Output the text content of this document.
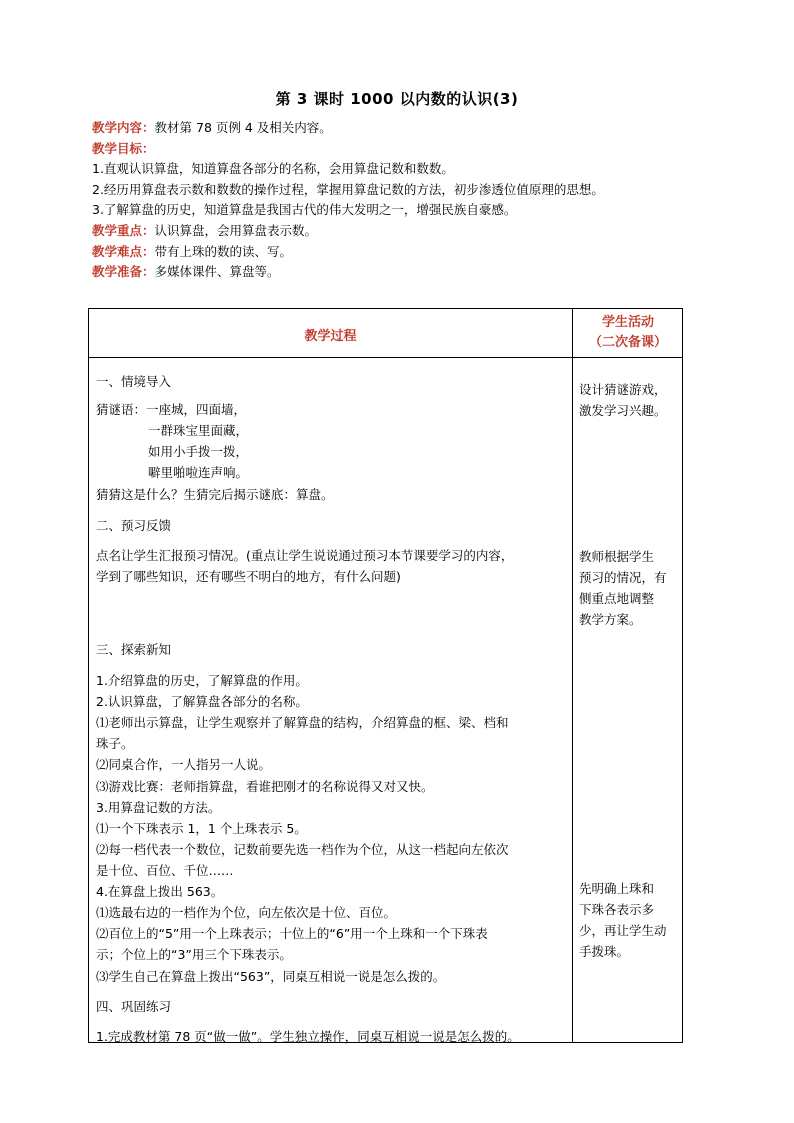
第 3 课时 1000 以内数的认识(3)
教学内容：教材第 78 页例 4 及相关内容。
教学目标：
1.直观认识算盘，知道算盘各部分的名称，会用算盘记数和数数。
2.经历用算盘表示数和数数的操作过程，掌握用算盘记数的方法，初步渗透位值原理的思想。
3.了解算盘的历史，知道算盘是我国古代的伟大发明之一，增强民族自豪感。
教学重点：认识算盘，会用算盘表示数。
教学难点：带有上珠的数的读、写。
教学准备：多媒体课件、算盘等。
教学过程
学生活动
（二次备课）
一、情境导入
猜谜语：一座城，四面墙，
一群珠宝里面藏，
如用小手拨一拨，
噼里啪啦连声响。
猜猜这是什么？生猜完后揭示谜底：算盘。
二、预习反馈
点名让学生汇报预习情况。(重点让学生说说通过预习本节课要学习的内容，
学到了哪些知识，还有哪些不明白的地方，有什么问题)
三、探索新知
1.介绍算盘的历史，了解算盘的作用。
2.认识算盘，了解算盘各部分的名称。
⑴老师出示算盘，让学生观察并了解算盘的结构，介绍算盘的框、梁、档和
珠子。
⑵同桌合作，一人指另一人说。
⑶游戏比赛：老师指算盘，看谁把刚才的名称说得又对又快。
3.用算盘记数的方法。
⑴一个下珠表示 1，1 个上珠表示 5。
⑵每一档代表一个数位，记数前要先选一档作为个位，从这一档起向左依次
是十位、百位、千位……
4.在算盘上拨出 563。
⑴选最右边的一档作为个位，向左依次是十位、百位。
⑵百位上的“5”用一个上珠表示；十位上的“6”用一个上珠和一个下珠表
示；个位上的“3”用三个下珠表示。
⑶学生自己在算盘上拨出“563”，同桌互相说一说是怎么拨的。
四、巩固练习
1.完成教材第 78 页“做一做”。学生独立操作，同桌互相说一说是怎么拨的。
设计猜谜游戏，
激发学习兴趣。
教师根据学生
预习的情况，有
侧重点地调整
教学方案。
先明确上珠和
下珠各表示多
少，再让学生动
手拨珠。
